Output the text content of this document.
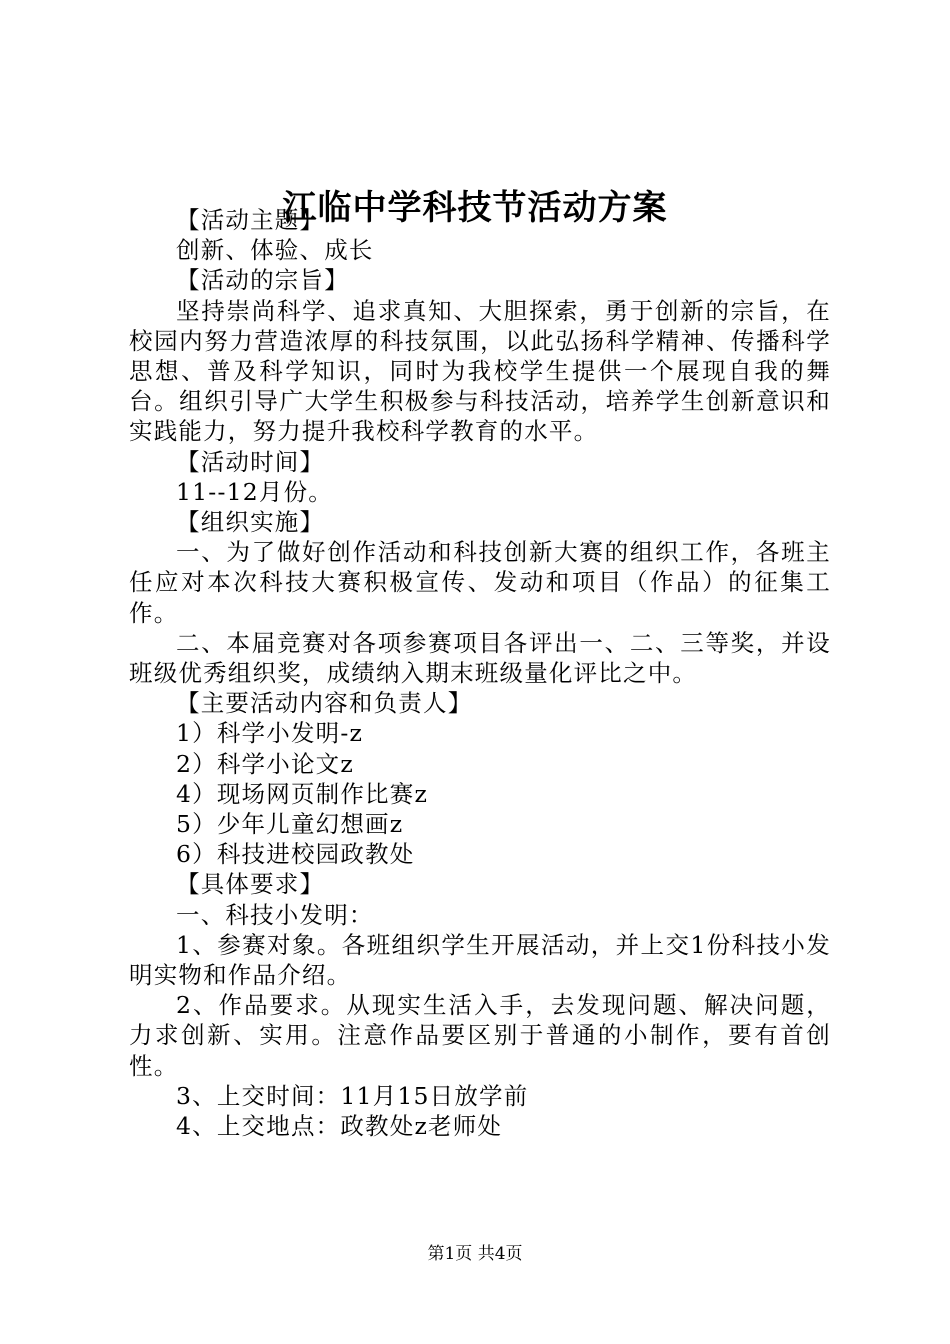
江临中学科技节活动方案

【活动主题】

创新、体验、成长

【活动的宗旨】

坚持崇尚科学、追求真知、大胆探索，勇于创新的宗旨，在校园内努力营造浓厚的科技氛围，以此弘扬科学精神、传播科学思想、普及科学知识，同时为我校学生提供一个展现自我的舞台。组织引导广大学生积极参与科技活动，培养学生创新意识和实践能力，努力提升我校科学教育的水平。

【活动时间】

11--12月份。

【组织实施】

一、为了做好创作活动和科技创新大赛的组织工作，各班主任应对本次科技大赛积极宣传、发动和项目（作品）的征集工作。

二、本届竞赛对各项参赛项目各评出一、二、三等奖，并设班级优秀组织奖，成绩纳入期末班级量化评比之中。

【主要活动内容和负责人】

1）科学小发明-z

2）科学小论文z

4）现场网页制作比赛z

5）少年儿童幻想画z

6）科技进校园政教处

【具体要求】

一、科技小发明：

1、参赛对象。各班组织学生开展活动，并上交1份科技小发明实物和作品介绍。

2、作品要求。从现实生活入手，去发现问题、解决问题，力求创新、实用。注意作品要区别于普通的小制作，要有首创性。

3、上交时间：11月15日放学前

4、上交地点：政教处z老师处

第1页 共4页
